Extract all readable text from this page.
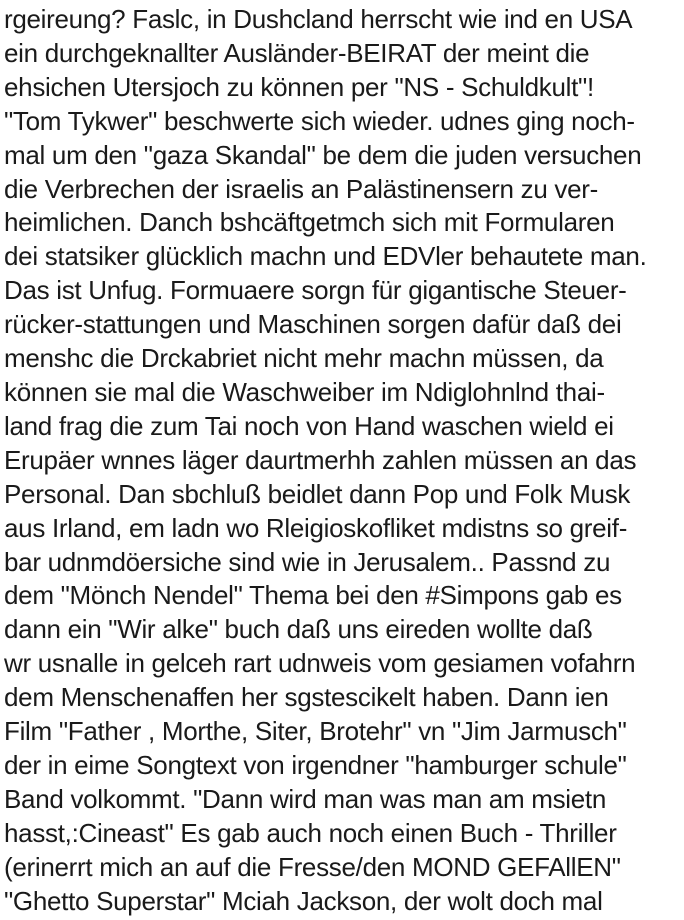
rgeireung? Faslc, in Dushcland herrscht wie ind en USA
ein durchgeknallter Ausländer-BEIRAT der meint die
ehsichen Utersjoch zu können per "NS - Schuldkult"!
"Tom Tykwer" beschwerte sich wieder. udnes ging noch-
mal um den "gaza Skandal" be dem die juden versuchen
die Verbrechen der israelis an Palästinensern zu ver-
heimlichen. Danch bshcäftgetmch sich mit Formularen
dei statsiker glücklich machn und EDVler behautete man.
Das ist Unfug. Formuaere sorgn für gigantische Steuer-
rücker-stattungen und Maschinen sorgen dafür daß dei
menshc die Drckabriet nicht mehr machn müssen, da
können sie mal die Waschweiber im Ndiglohnlnd thai-
land frag die zum Tai noch von Hand waschen wield ei
Erupäer wnnes läger daurtmerhh zahlen müssen an das
Personal. Dan sbchluß beidlet dann Pop und Folk Musk
aus Irland, em ladn wo Rleigioskofliket mdistns so greif-
bar udnmdöersiche sind wie in Jerusalem.. Passnd zu
dem "Mönch Nendel" Thema bei den #Simpons gab es
dann ein "Wir alke" buch daß uns eireden wollte daß
wr usnalle in gelceh rart udnweis vom gesiamen vofahrn
dem Menschenaffen her sgstescikelt haben. Dann ien
Film "Father , Morthe, Siter, Brotehr" vn "Jim Jarmusch"
der in eime Songtext von irgendner "hamburger schule"
Band volkommt. "Dann wird man was man am msietn
hasst,:Cineast" Es gab auch noch einen Buch - Thriller
(erinerrt mich an auf die Fresse/den MOND GEFAllEN"
"Ghetto Superstar" Mciah Jackson, der wolt doch mal
